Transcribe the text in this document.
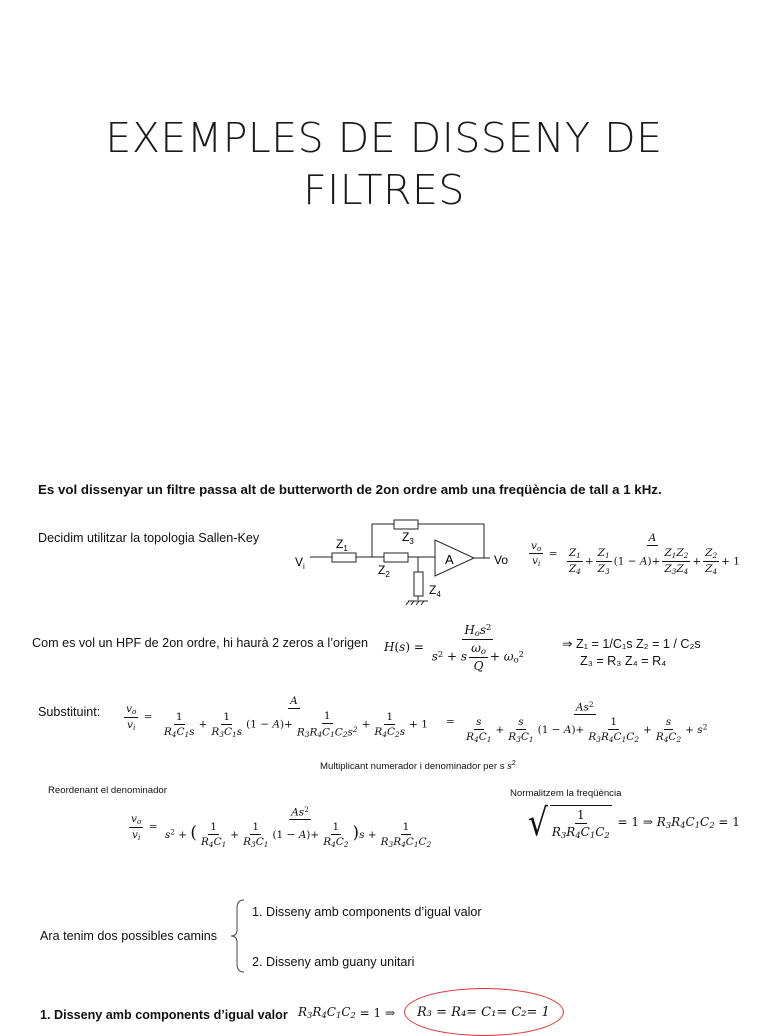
EXEMPLES DE DISSENY DE
FILTRES
Es vol dissenyar un filtre passa alt de butterworth de 2on ordre amb una freqüència de tall a 1 kHz.
Decidim utilitzar la topologia Sallen-Key
$V_i$
$Z_1$
$Z_3$
$Z_2$
$Z_4$
A	Vo $\frac{v_o}{v_i} = \frac{A}{\frac{Z_1}{Z_4} + \frac{Z_1}{Z_3} (1 - A)+ \frac{Z_1Z_2}{Z_3Z_4} + \frac{Z_2}{Z_4} + 1}$
Com es vol un HPF de 2on ordre, hi haurà 2 zeros a l’origen H ( s ) = $\frac{H_os^2}{s^2 + s \frac{\omega_o}{Q} + \omega_o^2}$	⇒ Z₁ = 1/C₁s Z₂ = 1 / C₂s
Z₃ = R₃ Z₄ = R₄
Substituint: $\frac{v_o}{v_i} = \frac{A}{\frac{1}{R_4C_1s} + \frac{1}{R_3C_1s} (1 - A)+ \frac{1}{R_3R_4C_1C_2s^2} + \frac{1}{R_4C_2s} + 1} = \frac{As^2}{\frac{s}{R_4C_1} + \frac{s}{R_3C_1} (1 - A)+ \frac{1}{R_3R_4C_1C_2} + \frac{s}{R_4C_2} + s^2}$
Multiplicant numerador i denominador per s $s^2$
Reordenant el denominador	Normalitzem la freqüència
$\frac{v_o}{v_i} = \frac{As^2}{s^2 + ( \frac{1}{R_4C_1} + \frac{1}{R_3C_1} (1 - A)+ \frac{1}{R_4C_2} )s + \frac{1}{R_3R_4C_1C_2}}$	√ $\frac{1}{R_3R_4C_1C_2} = 1$ ⇒ $R_3R_4C_1C_2 = 1$
Ara tenim dos possibles camins
1. Disseny amb components d’igual valor
2. Disseny amb guany unitari
1. Disseny amb components d’igual valor $R_3R_4C_1C_2 = 1$ ⇒ R₃ = R₄= C₁= C₂= 1
